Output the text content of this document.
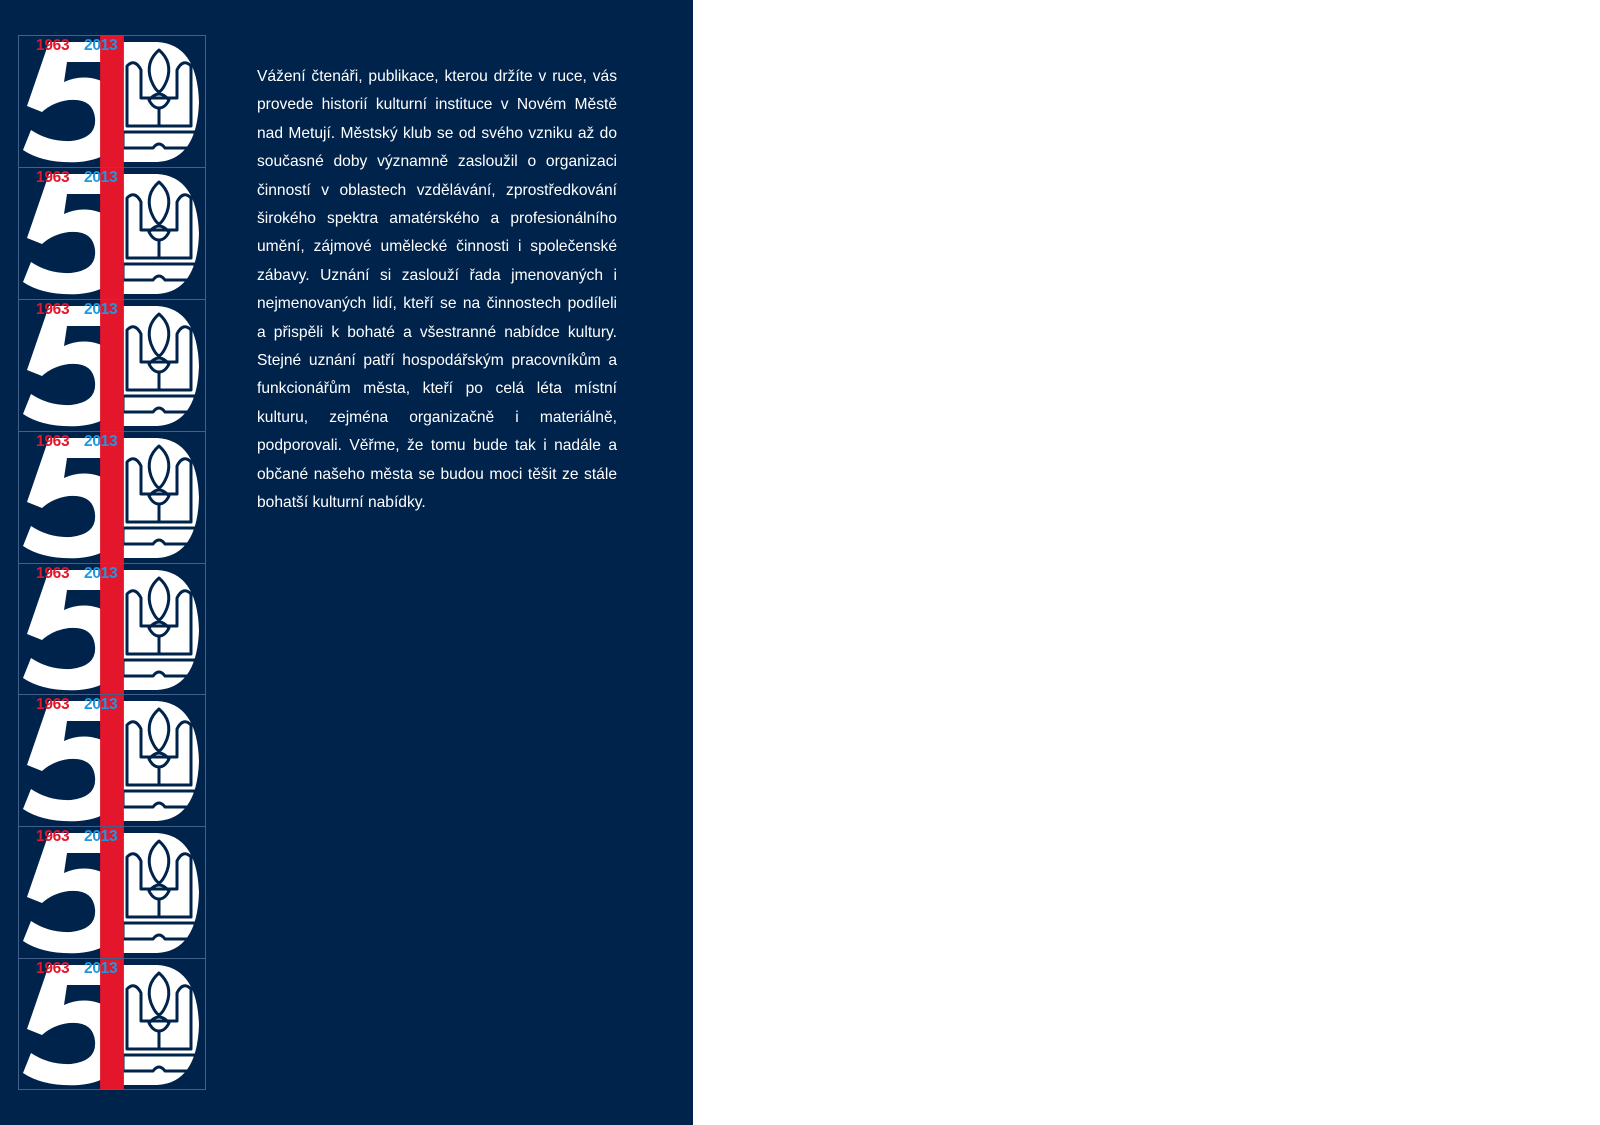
1963 2013
1963 2013
1963 2013
1963 2013
1963 2013
1963 2013
1963 2013
1963 2013

Vážení čtenáři, publikace, kterou držíte v ruce, vás provede historií kulturní instituce v Novém Městě nad Metují. Městský klub se od svého vzniku až do současné doby významně zasloužil o organizaci činností v oblastech vzdělávání, zprostředkování širokého spektra amatérského a profesionálního umění, zájmové umělecké činnosti i společenské zábavy. Uznání si zaslouží řada jmenovaných i nejmenovaných lidí, kteří se na činnostech podíleli a přispěli k bohaté a všestranné nabídce kultury. Stejné uznání patří hospodářským pracovníkům a funkcionářům města, kteří po celá léta místní kulturu, zejména organizačně i materiálně, podporovali. Věřme, že tomu bude tak i nadále a občané našeho města se budou moci těšit ze stále bohatší kulturní nabídky.
